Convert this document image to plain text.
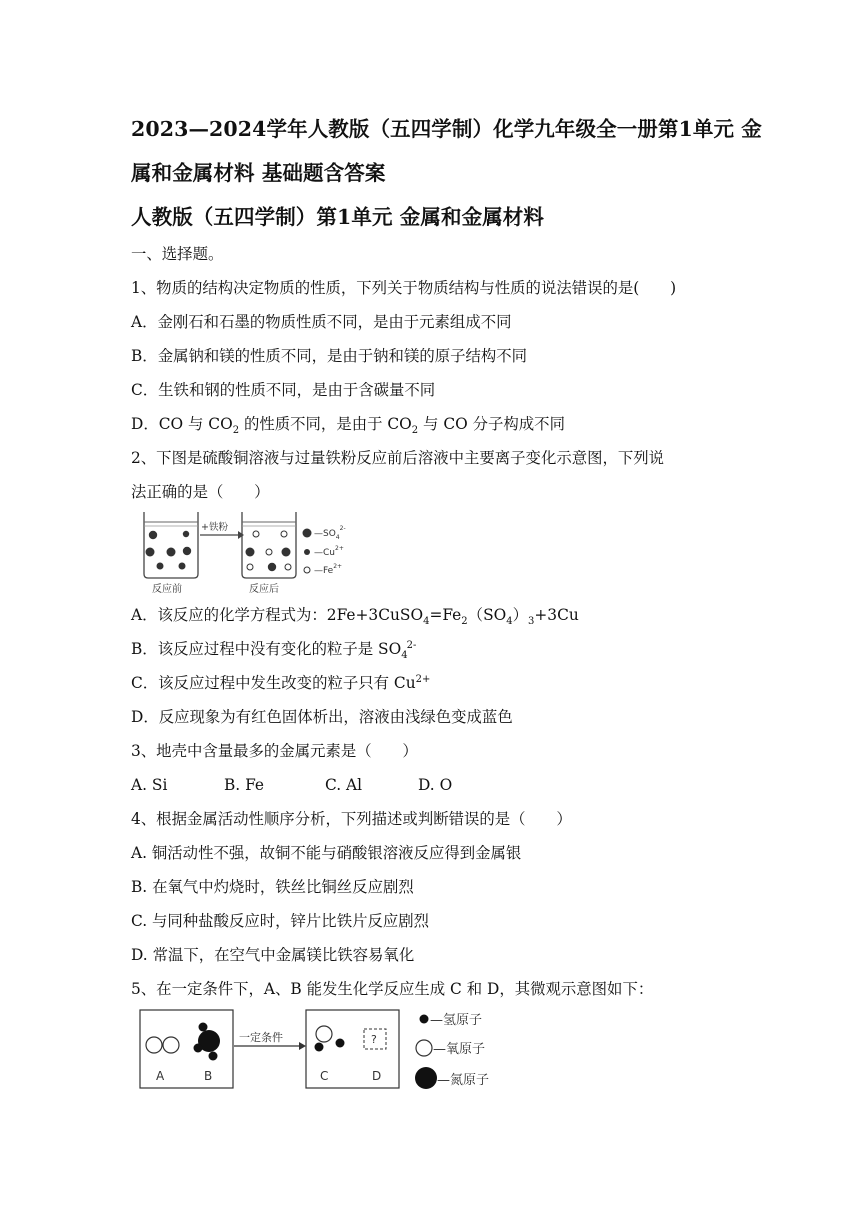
2023—2024学年人教版（五四学制）化学九年级全一册第1单元 金
属和金属材料 基础题含答案
人教版（五四学制）第1单元 金属和金属材料
一、选择题。
1、物质的结构决定物质的性质，下列关于物质结构与性质的说法错误的是(　　)
A．金刚石和石墨的物质性质不同，是由于元素组成不同
B．金属钠和镁的性质不同，是由于钠和镁的原子结构不同
C．生铁和钢的性质不同，是由于含碳量不同
D．CO 与 $CO_2$ 的性质不同，是由于 $CO_2$ 与 CO 分子构成不同
2、下图是硫酸铜溶液与过量铁粉反应前后溶液中主要离子变化示意图，下列说
法正确的是（　　）
+铁粉
反应前	反应后
$—SO_4^{2-}$
$—Cu^{2+}$
$—Fe^{2+}$
A．该反应的化学方程式为：$2Fe+3CuSO_4=Fe_2(SO_4)_3+3Cu$
B．该反应过程中没有变化的粒子是 $SO_4^{2-}$
C．该反应过程中发生改变的粒子只有 $Cu^{2+}$
D．反应现象为有红色固体析出，溶液由浅绿色变成蓝色
3、地壳中含量最多的金属元素是（　　）
A. Si	B. Fe	C. Al	D. O
4、根据金属活动性顺序分析，下列描述或判断错误的是（　　）
A. 铜活动性不强，故铜不能与硝酸银溶液反应得到金属银
B. 在氧气中灼烧时，铁丝比铜丝反应剧烈
C. 与同种盐酸反应时，锌片比铁片反应剧烈
D. 常温下，在空气中金属镁比铁容易氧化
5、在一定条件下，A、B 能发生化学反应生成 C 和 D，其微观示意图如下：
A	B
一定条件	?
C	D
—氢原子
—氧原子
—氮原子
